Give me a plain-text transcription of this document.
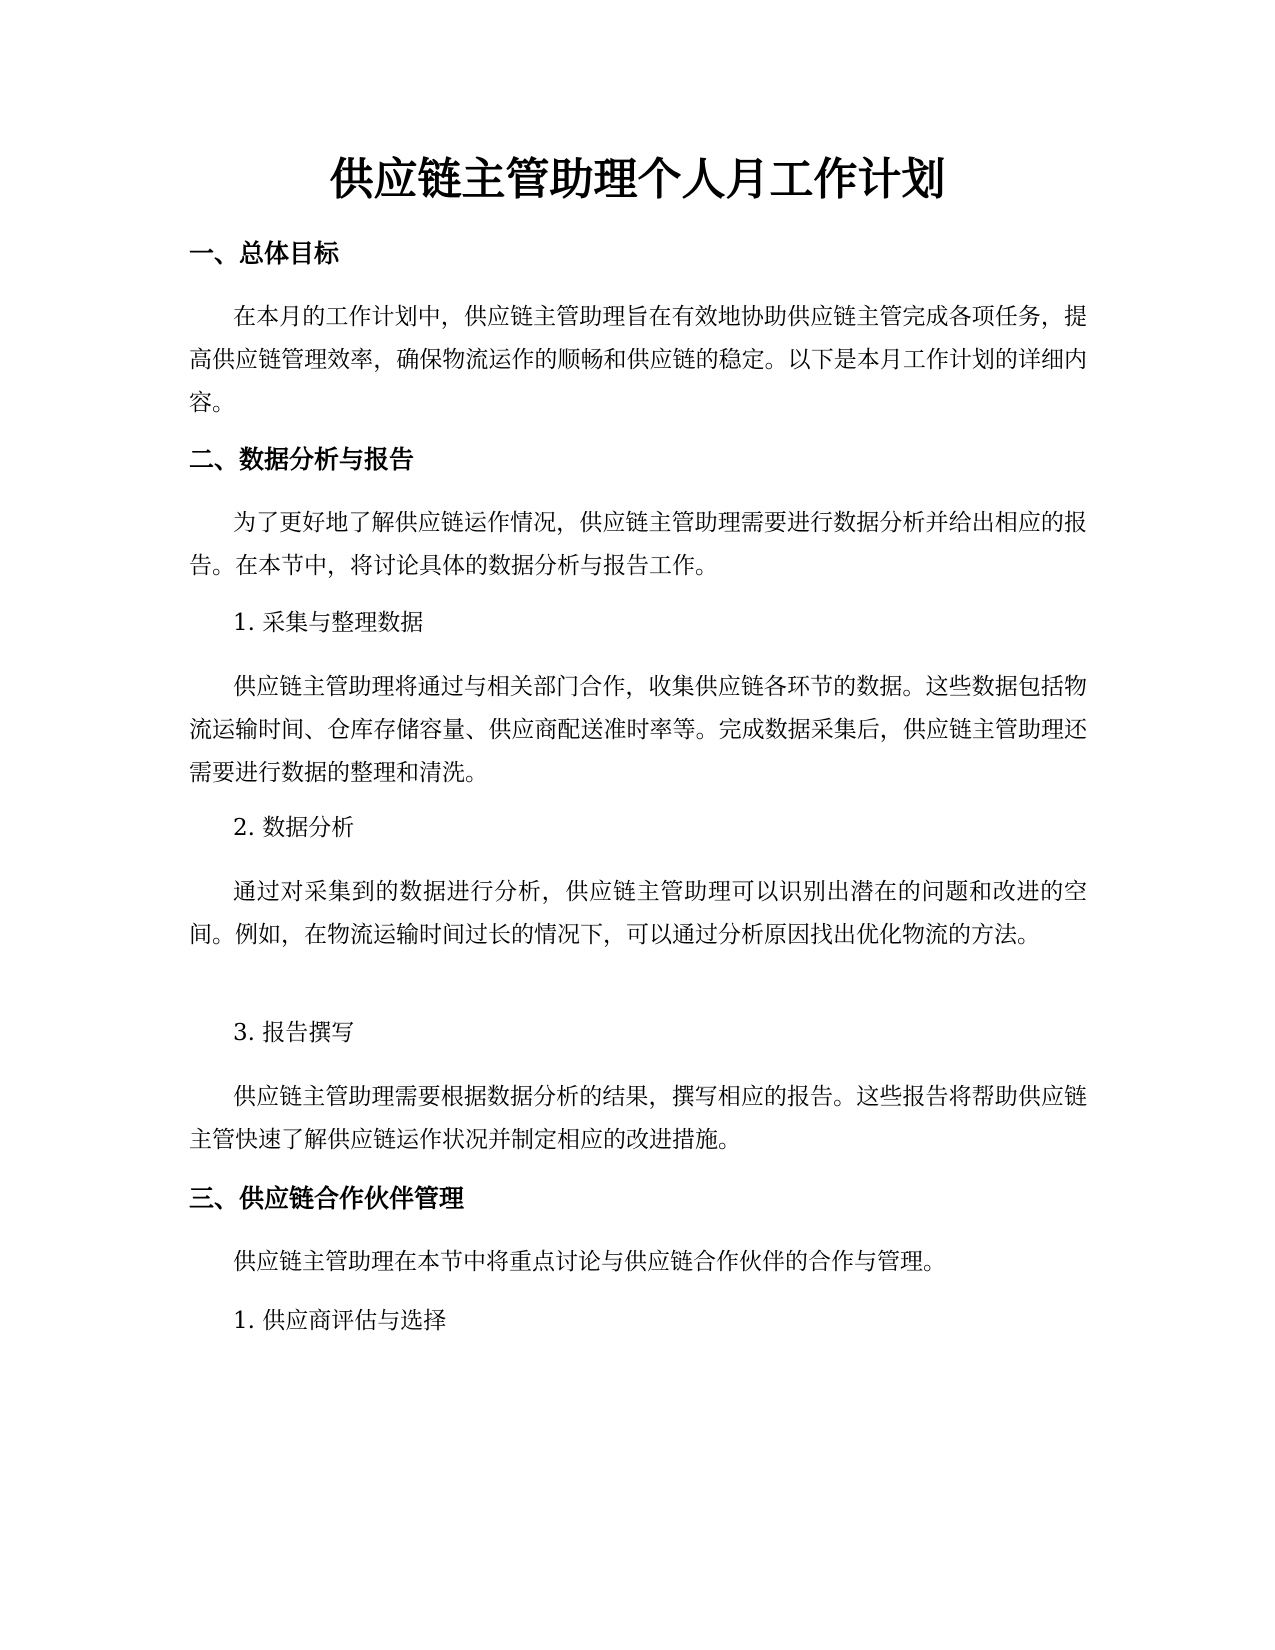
供应链主管助理个人月工作计划
一、总体目标

在本月的工作计划中，供应链主管助理旨在有效地协助供应链主管完成各项任务，提高供应链管理效率，确保物流运作的顺畅和供应链的稳定。以下是本月工作计划的详细内容。

二、数据分析与报告

为了更好地了解供应链运作情况，供应链主管助理需要进行数据分析并给出相应的报告。在本节中，将讨论具体的数据分析与报告工作。

1. 采集与整理数据

供应链主管助理将通过与相关部门合作，收集供应链各环节的数据。这些数据包括物流运输时间、仓库存储容量、供应商配送准时率等。完成数据采集后，供应链主管助理还需要进行数据的整理和清洗。

2. 数据分析

通过对采集到的数据进行分析，供应链主管助理可以识别出潜在的问题和改进的空间。例如，在物流运输时间过长的情况下，可以通过分析原因找出优化物流的方法。

3. 报告撰写

供应链主管助理需要根据数据分析的结果，撰写相应的报告。这些报告将帮助供应链主管快速了解供应链运作状况并制定相应的改进措施。

三、供应链合作伙伴管理

供应链主管助理在本节中将重点讨论与供应链合作伙伴的合作与管理。

1. 供应商评估与选择
